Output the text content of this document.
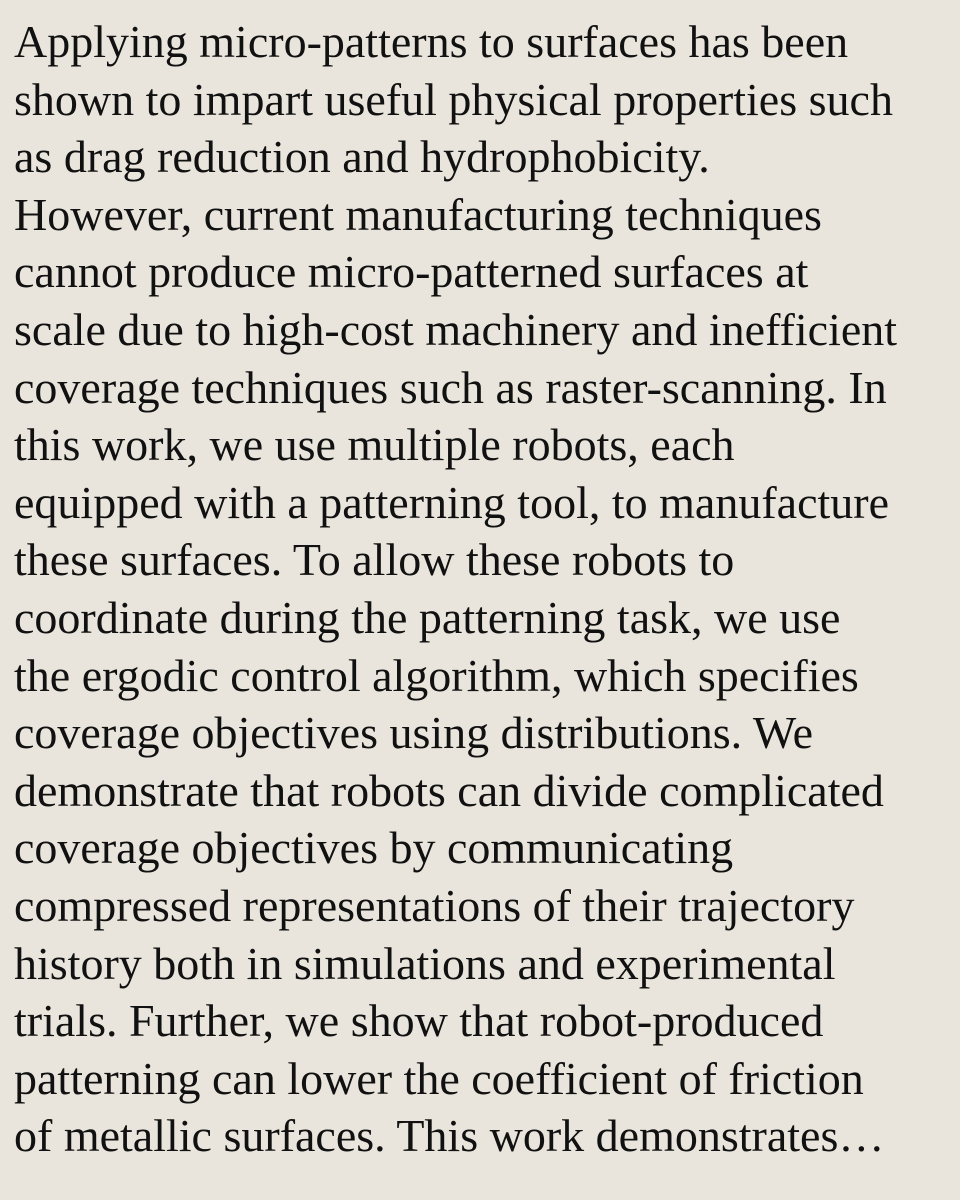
Applying micro-patterns to surfaces has been
shown to impart useful physical properties such
as drag reduction and hydrophobicity.
However, current manufacturing techniques
cannot produce micro-patterned surfaces at
scale due to high-cost machinery and inefficient
coverage techniques such as raster-scanning. In
this work, we use multiple robots, each
equipped with a patterning tool, to manufacture
these surfaces. To allow these robots to
coordinate during the patterning task, we use
the ergodic control algorithm, which specifies
coverage objectives using distributions. We
demonstrate that robots can divide complicated
coverage objectives by communicating
compressed representations of their trajectory
history both in simulations and experimental
trials. Further, we show that robot-produced
patterning can lower the coefficient of friction
of metallic surfaces. This work demonstrates…
